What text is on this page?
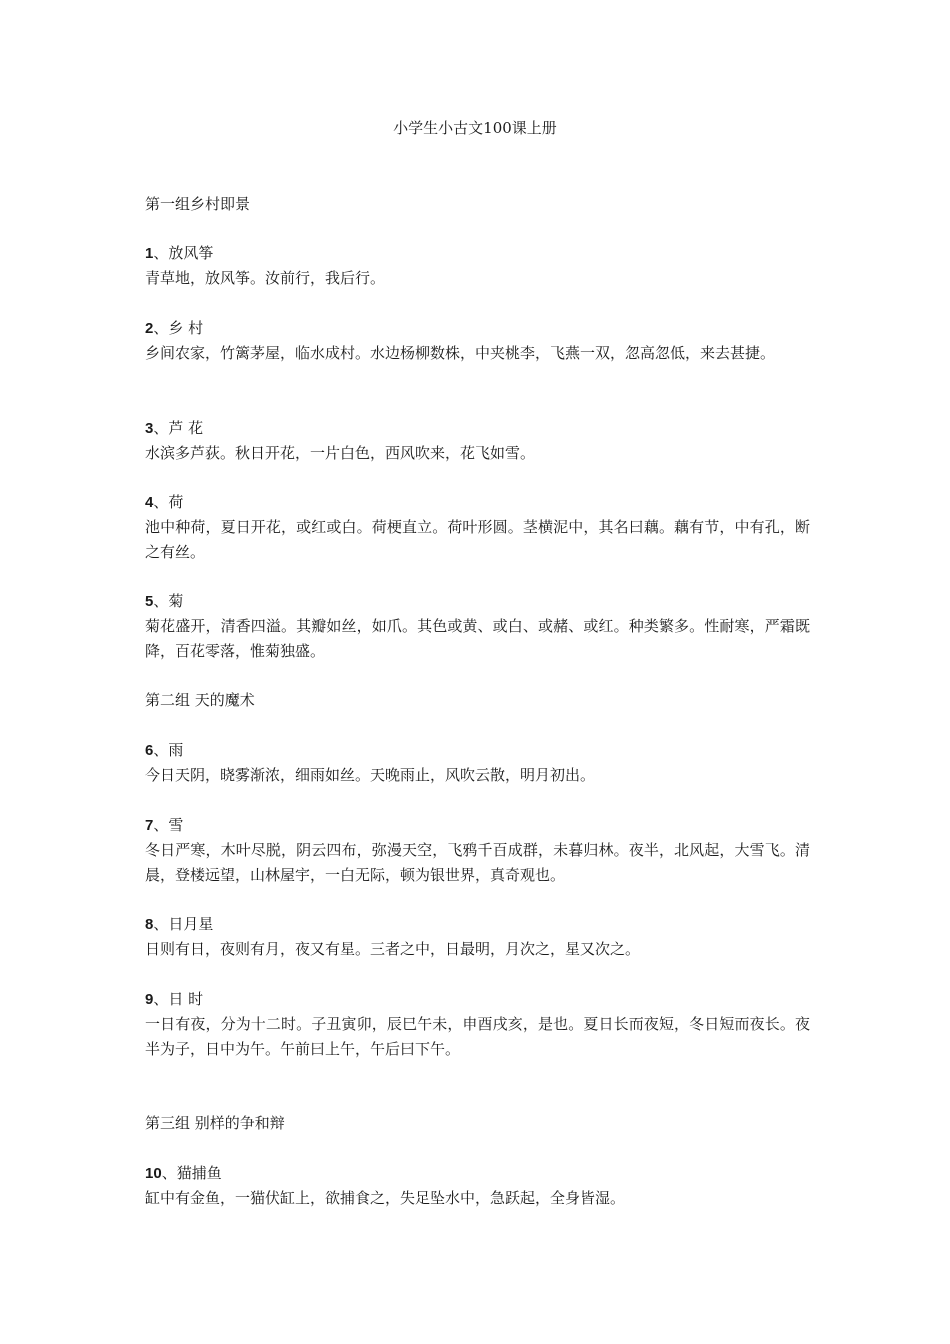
小学生小古文100课上册
第一组乡村即景

1、放风筝

青草地，放风筝。汝前行，我后行。

2、乡 村

乡间农家，竹篱茅屋，临水成村。水边杨柳数株，中夹桃李，飞燕一双，忽高忽低，来去甚捷。

3、芦 花

水滨多芦荻。秋日开花，一片白色，西风吹来，花飞如雪。

4、荷

池中种荷，夏日开花，或红或白。荷梗直立。荷叶形圆。茎横泥中，其名曰藕。藕有节，中有孔，断之有丝。

5、菊

菊花盛开，清香四溢。其瓣如丝，如爪。其色或黄、或白、或赭、或红。种类繁多。性耐寒，严霜既降，百花零落，惟菊独盛。

第二组 天的魔术

6、雨

今日天阴，晓雾渐浓，细雨如丝。天晚雨止，风吹云散，明月初出。

7、雪

冬日严寒，木叶尽脱，阴云四布，弥漫天空，飞鸦千百成群，未暮归林。夜半，北风起，大雪飞。清晨，登楼远望，山林屋宇，一白无际，顿为银世界，真奇观也。

8、日月星

日则有日，夜则有月，夜又有星。三者之中，日最明，月次之，星又次之。

9、日 时

一日有夜，分为十二时。子丑寅卯，辰巳午未，申酉戌亥，是也。夏日长而夜短，冬日短而夜长。夜半为子，日中为午。午前曰上午，午后曰下午。

第三组 别样的争和辩

10、猫捕鱼

缸中有金鱼，一猫伏缸上，欲捕食之，失足坠水中，急跃起，全身皆湿。
